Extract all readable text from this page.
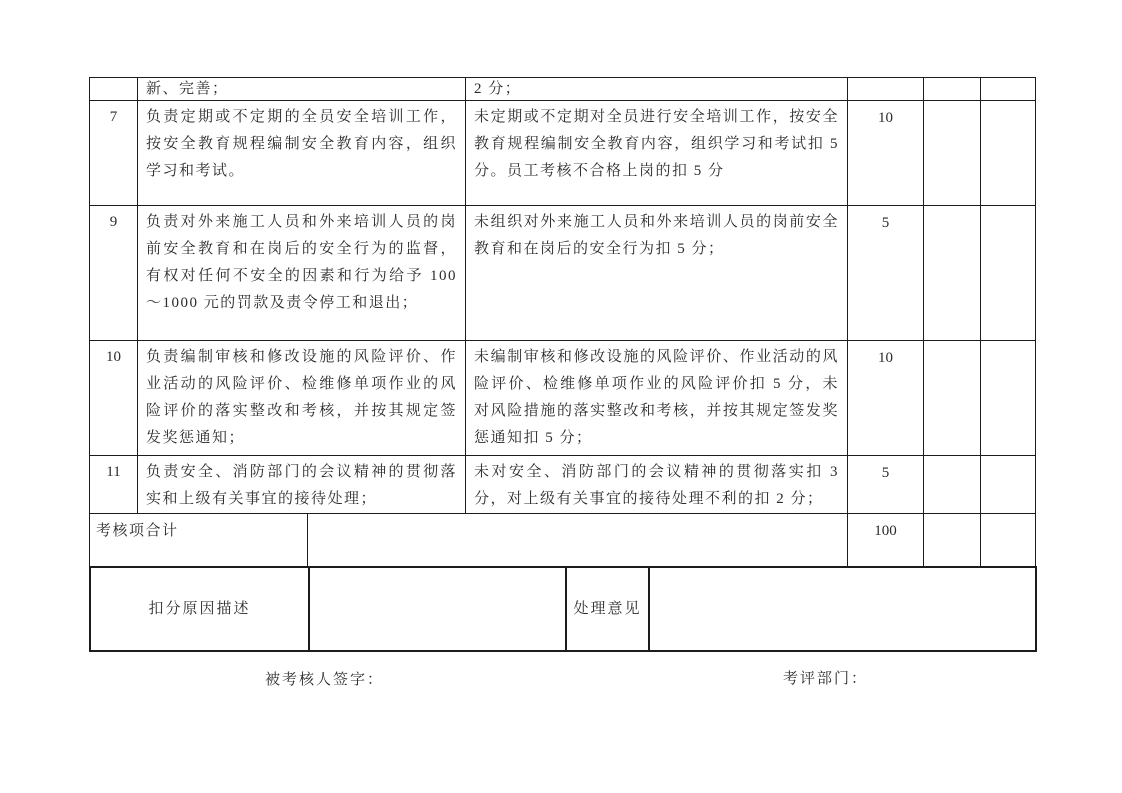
	新、完善；	2 分；			
7	负责定期或不定期的全员安全培训工作，按安全教育规程编制安全教育内容，组织学习和考试。	未定期或不定期对全员进行安全培训工作，按安全教育规程编制安全教育内容，组织学习和考试扣 5 分。员工考核不合格上岗的扣 5 分	10		
9	负责对外来施工人员和外来培训人员的岗前安全教育和在岗后的安全行为的监督，有权对任何不安全的因素和行为给予 100～1000 元的罚款及责令停工和退出；	未组织对外来施工人员和外来培训人员的岗前安全教育和在岗后的安全行为扣 5 分；	5		
10	负责编制审核和修改设施的风险评价、作业活动的风险评价、检维修单项作业的风险评价的落实整改和考核，并按其规定签发奖惩通知；	未编制审核和修改设施的风险评价、作业活动的风险评价、检维修单项作业的风险评价扣 5 分，未对风险措施的落实整改和考核，并按其规定签发奖惩通知扣 5 分；	10		
11	负责安全、消防部门的会议精神的贯彻落实和上级有关事宜的接待处理；	未对安全、消防部门的会议精神的贯彻落实扣 3 分，对上级有关事宜的接待处理不利的扣 2 分；	5		
考核项合计		100		
扣分原因描述		处理意见	
被考核人签字：	考评部门：
